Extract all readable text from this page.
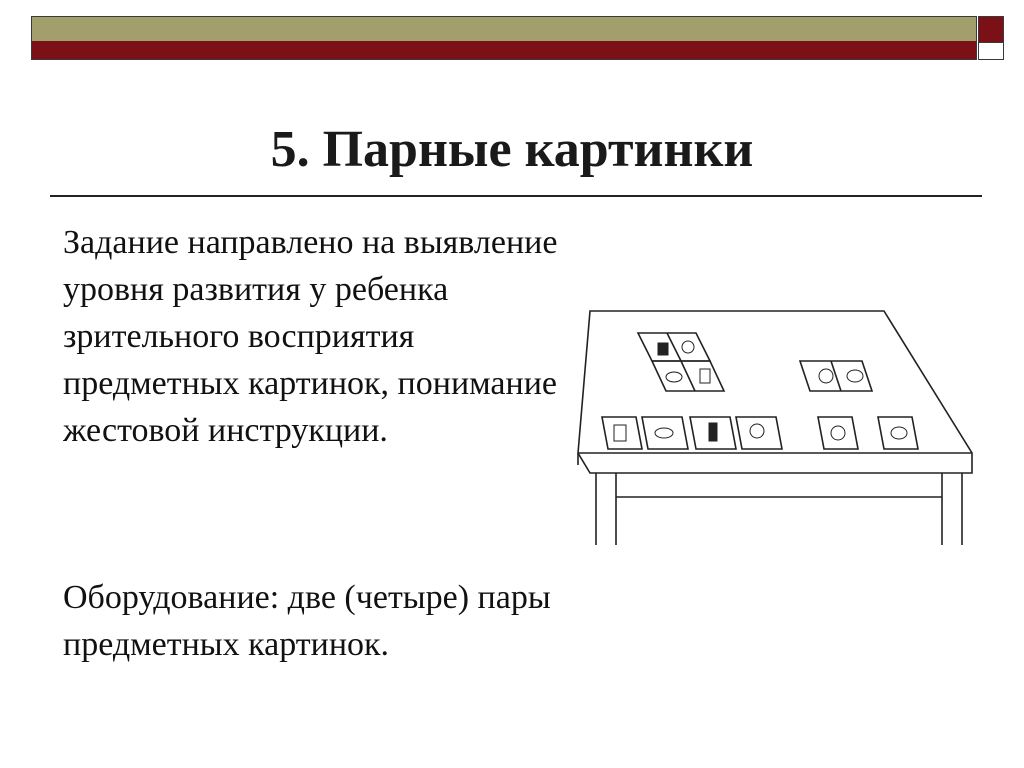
5. Парные картинки
Задание направлено на выявление уровня развития у ребенка зрительного восприятия предметных картинок, понимание жестовой инструкции.
Оборудование: две (четыре) пары предметных картинок.
